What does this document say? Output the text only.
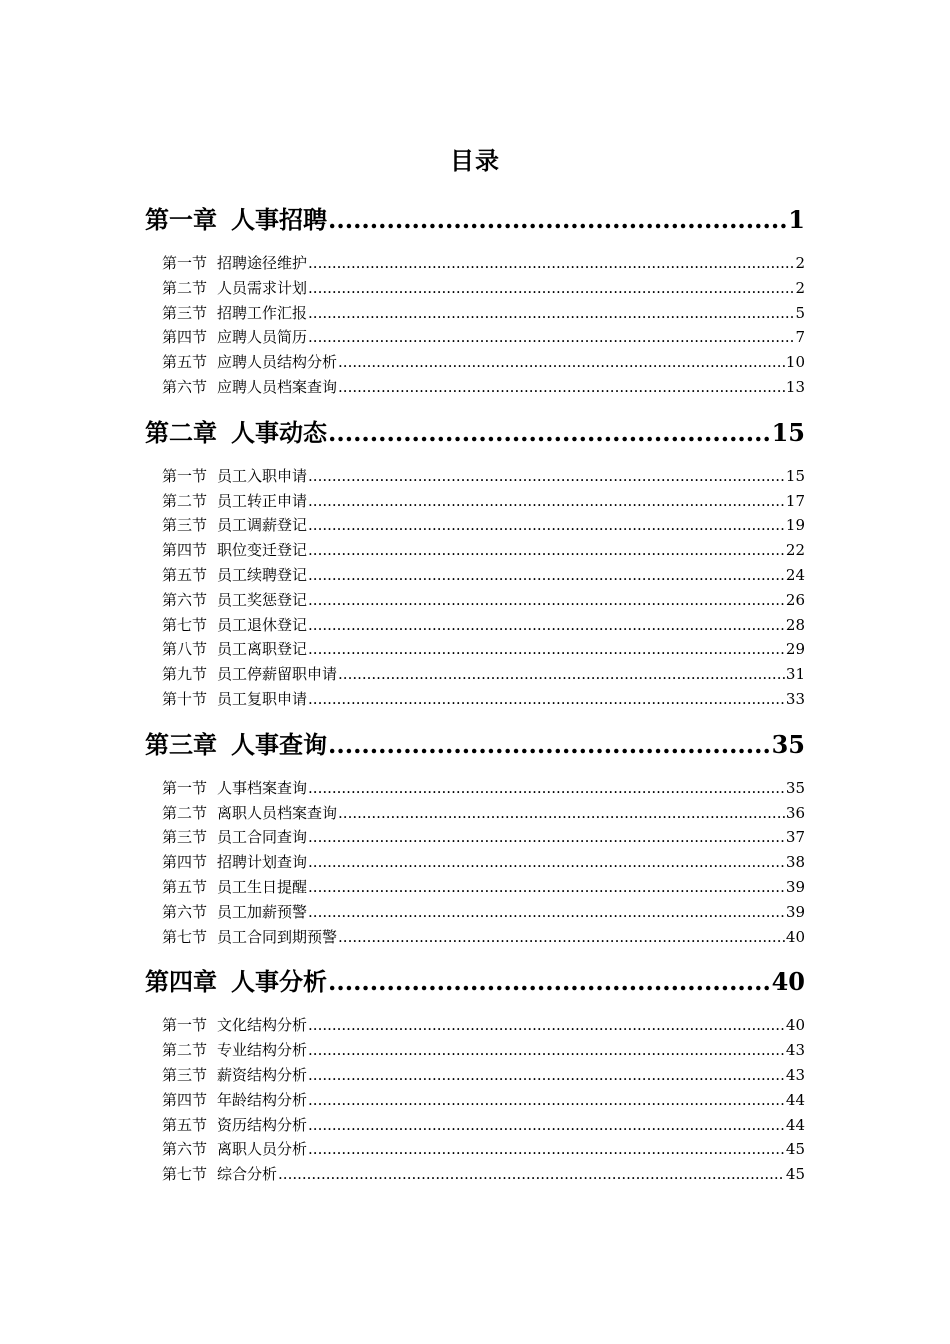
目录
第一章 人事招聘 .....	1
第一节 招聘途径维护 .....	2
第二节 人员需求计划 .....	2
第三节 招聘工作汇报 .....	5
第四节 应聘人员简历 .....	7
第五节 应聘人员结构分析 .....	10
第六节 应聘人员档案查询 .....	13
第二章 人事动态 .....	15
第一节 员工入职申请 .....	15
第二节 员工转正申请 .....	17
第三节 员工调薪登记 .....	19
第四节 职位变迁登记 .....	22
第五节 员工续聘登记 .....	24
第六节 员工奖惩登记 .....	26
第七节 员工退休登记 .....	28
第八节 员工离职登记 .....	29
第九节 员工停薪留职申请 .....	31
第十节 员工复职申请 .....	33
第三章 人事查询 .....	35
第一节 人事档案查询 .....	35
第二节 离职人员档案查询 .....	36
第三节 员工合同查询 .....	37
第四节 招聘计划查询 .....	38
第五节 员工生日提醒 .....	39
第六节 员工加薪预警 .....	39
第七节 员工合同到期预警 .....	40
第四章 人事分析 .....	40
第一节 文化结构分析 .....	40
第二节 专业结构分析 .....	43
第三节 薪资结构分析 .....	43
第四节 年龄结构分析 .....	44
第五节 资历结构分析 .....	44
第六节 离职人员分析 .....	45
第七节 综合分析 .....	45
